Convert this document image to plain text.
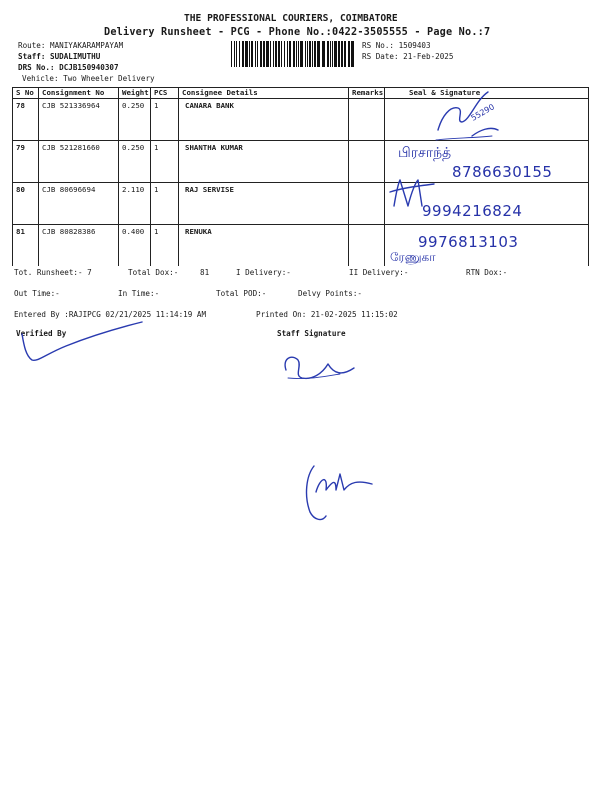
THE PROFESSIONAL COURIERS, COIMBATORE
Delivery Runsheet - PCG - Phone No.:0422-3505555 - Page No.:7
Route: MANIYAKARAMPAYAM
Staff: SUDALIMUTHU
DRS No.: DCJB150940307
Vehicle: Two Wheeler Delivery
RS No.: 1509403
RS Date: 21-Feb-2025
S No	Consignment No	Weight	PCS	Consignee Details	Remarks	Seal & Signature
78	CJB 521336964	0.250	1	CANARA BANK		
79	CJB 521281660	0.250	1	SHANTHA KUMAR		
80	CJB 80696694	2.110	1	RAJ SERVISE		
81	CJB 80828386	0.400	1	RENUKA		
Tot. Runsheet:- 7	Total Dox:-	81	I Delivery:-	II Delivery:-	RTN Dox:-
Out Time:-	In Time:-	Total POD:-	Delvy Points:-
Entered By :RAJIPCG 02/21/2025 11:14:19 AM	Printed On: 21-02-2025 11:15:02
Verified By	Staff Signature
55290
பிரசாந்த்
8786630155
9994216824
9976813103
ரேணுகா
